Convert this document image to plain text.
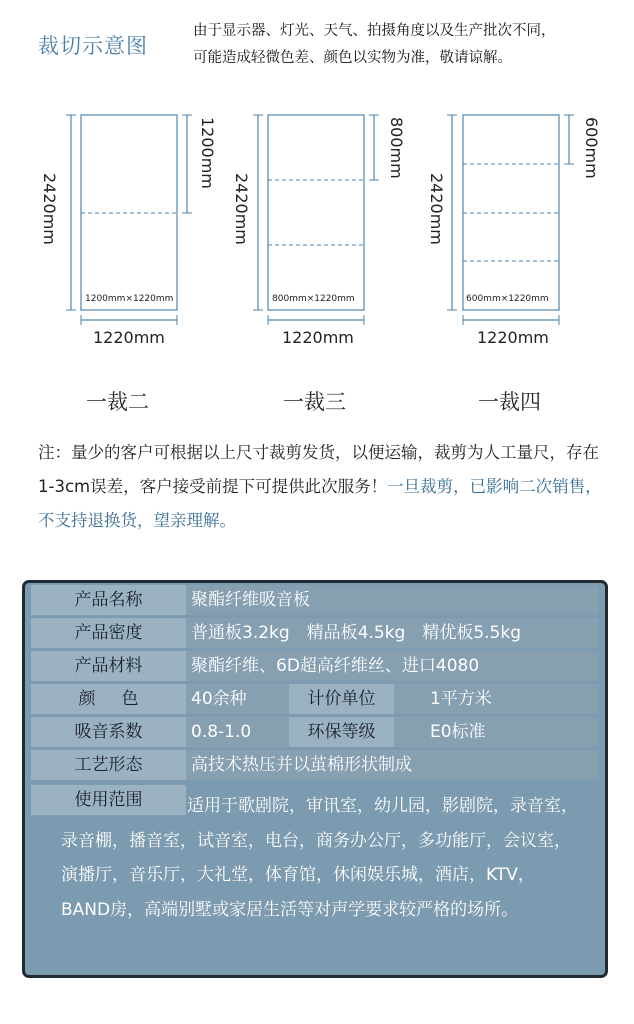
裁切示意图
由于显示器、灯光、天气、拍摄角度以及生产批次不同，
可能造成轻微色差、颜色以实物为准，敬请谅解。
2420mm
1200mm
1200mm×1220mm
1220mm
一裁二
2420mm
800mm
800mm×1220mm
1220mm
一裁三
2420mm
600mm
600mm×1220mm
1220mm
一裁四
注：量少的客户可根据以上尺寸裁剪发货，以便运输，裁剪为人工量尺，存在1-3cm误差，客户接受前提下可提供此次服务！一旦裁剪，已影响二次销售，不支持退换货，望亲理解。
产品名称	聚酯纤维吸音板
产品密度	普通板3.2kg　精品板4.5kg　精优板5.5kg
产品材料	聚酯纤维、6D超高纤维丝、进口4080
颜色	40余种	计价单位	1平方米
吸音系数	0.8-1.0	环保等级	E0标准
工艺形态	高技术热压并以茧棉形状制成
使用范围	适用于歌剧院，审讯室，幼儿园，影剧院，录音室，录音棚，播音室，试音室，电台，商务办公厅，多功能厅，会议室，演播厅，音乐厅，大礼堂，体育馆，休闲娱乐城，酒店，KTV，BAND房，高端别墅或家居生活等对声学要求较严格的场所。
